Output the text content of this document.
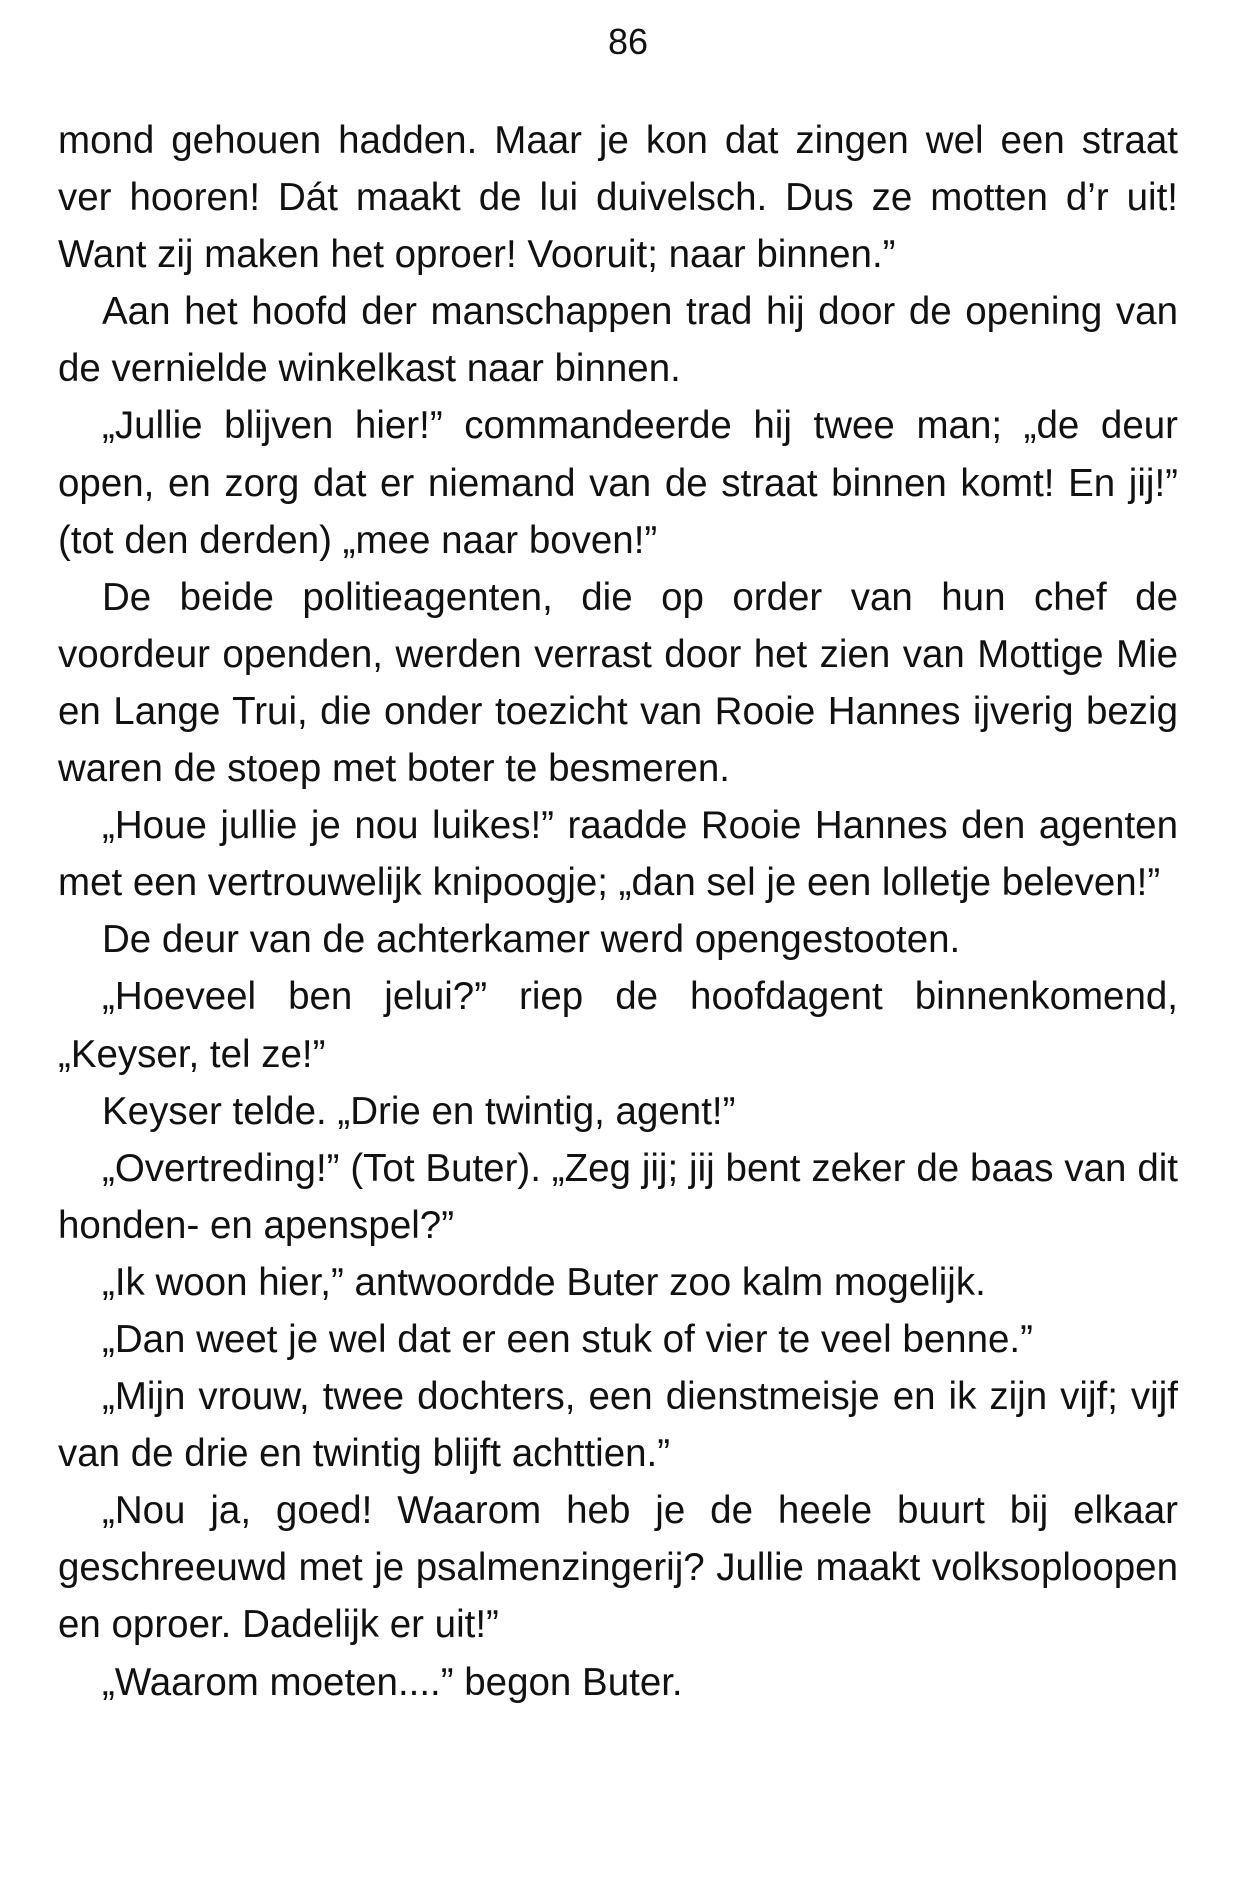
86

mond gehouen hadden. Maar je kon dat zingen wel een straat ver hooren! Dát maakt de lui duivelsch. Dus ze motten d’r uit! Want zij maken het oproer! Vooruit; naar binnen.”

Aan het hoofd der manschappen trad hij door de opening van de vernielde winkelkast naar binnen.

„Jullie blijven hier!” commandeerde hij twee man; „de deur open, en zorg dat er niemand van de straat binnen komt! En jij!” (tot den derden) „mee naar boven!”

De beide politieagenten, die op order van hun chef de voordeur openden, werden verrast door het zien van Mottige Mie en Lange Trui, die onder toezicht van Rooie Hannes ijverig bezig waren de stoep met boter te besmeren.

„Houe jullie je nou luikes!” raadde Rooie Hannes den agenten met een vertrouwelijk knipoogje; „dan sel je een lolletje beleven!”

De deur van de achterkamer werd opengestooten.

„Hoeveel ben jelui?” riep de hoofdagent binnenkomend, „Keyser, tel ze!”

Keyser telde. „Drie en twintig, agent!”

„Overtreding!” (Tot Buter). „Zeg jij; jij bent zeker de baas van dit honden- en apenspel?”

„Ik woon hier,” antwoordde Buter zoo kalm mogelijk.

„Dan weet je wel dat er een stuk of vier te veel benne.”

„Mijn vrouw, twee dochters, een dienstmeisje en ik zijn vijf; vijf van de drie en twintig blijft achttien.”

„Nou ja, goed! Waarom heb je de heele buurt bij elkaar geschreeuwd met je psalmenzingerij? Jullie maakt volksoploopen en oproer. Dadelijk er uit!”

„Waarom moeten....” begon Buter.
